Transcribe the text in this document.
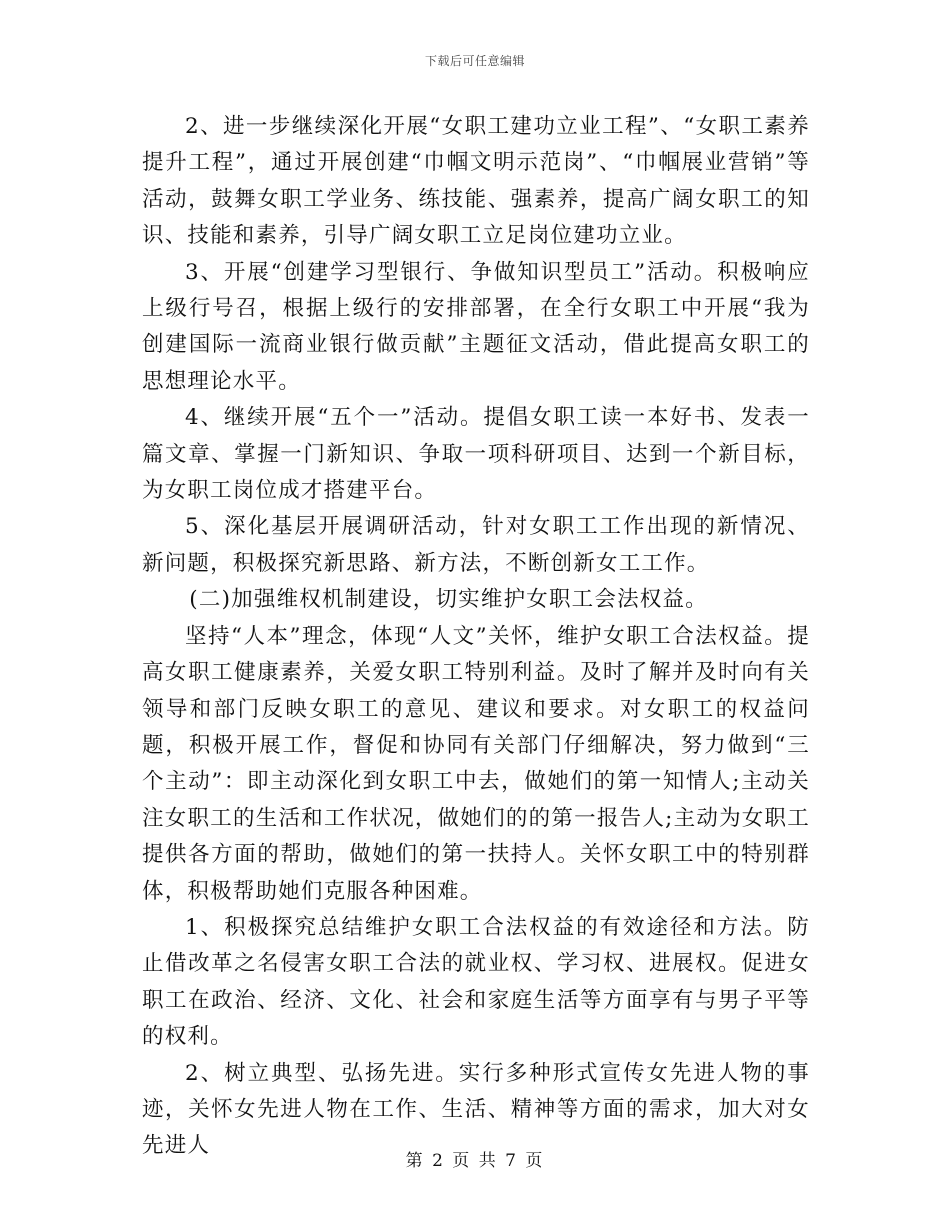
下载后可任意编辑

2、进一步继续深化开展“女职工建功立业工程”、“女职工素养提升工程”，通过开展创建“巾帼文明示范岗”、“巾帼展业营销”等活动，鼓舞女职工学业务、练技能、强素养，提高广阔女职工的知识、技能和素养，引导广阔女职工立足岗位建功立业。

3、开展“创建学习型银行、争做知识型员工”活动。积极响应上级行号召，根据上级行的安排部署，在全行女职工中开展“我为创建国际一流商业银行做贡献”主题征文活动，借此提高女职工的思想理论水平。

4、继续开展“五个一”活动。提倡女职工读一本好书、发表一篇文章、掌握一门新知识、争取一项科研项目、达到一个新目标，为女职工岗位成才搭建平台。

5、深化基层开展调研活动，针对女职工工作出现的新情况、新问题，积极探究新思路、新方法，不断创新女工工作。

(二)加强维权机制建设，切实维护女职工会法权益。

坚持“人本”理念，体现“人文”关怀，维护女职工合法权益。提高女职工健康素养，关爱女职工特别利益。及时了解并及时向有关领导和部门反映女职工的意见、建议和要求。对女职工的权益问题，积极开展工作，督促和协同有关部门仔细解决，努力做到“三个主动”：即主动深化到女职工中去，做她们的第一知情人;主动关注女职工的生活和工作状况，做她们的的第一报告人;主动为女职工提供各方面的帮助，做她们的第一扶持人。关怀女职工中的特别群体，积极帮助她们克服各种困难。

1、积极探究总结维护女职工合法权益的有效途径和方法。防止借改革之名侵害女职工合法的就业权、学习权、进展权。促进女职工在政治、经济、文化、社会和家庭生活等方面享有与男子平等的权利。

2、树立典型、弘扬先进。实行多种形式宣传女先进人物的事迹，关怀女先进人物在工作、生活、精神等方面的需求，加大对女先进人

第 2 页 共 7 页
